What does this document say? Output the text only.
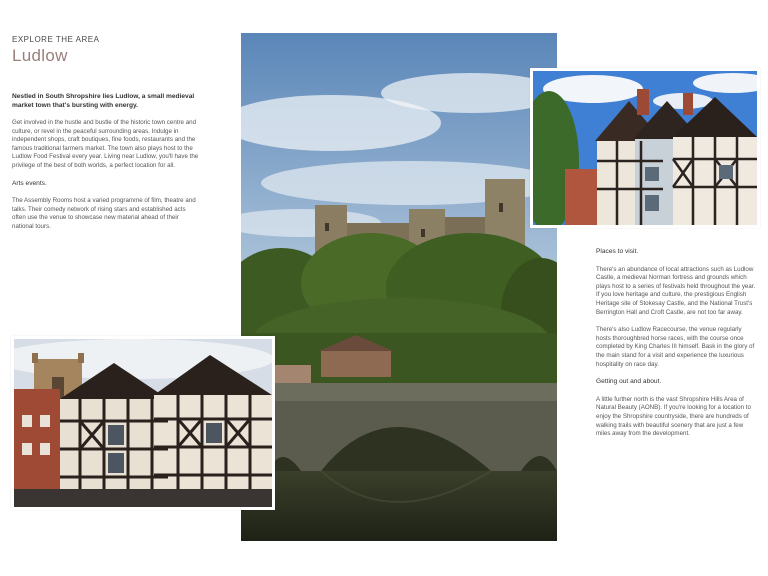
EXPLORE THE AREA
Ludlow

Nestled in South Shropshire lies Ludlow, a small medieval market town that's bursting with energy.

Get involved in the hustle and bustle of the historic town centre and culture, or revel in the peaceful surrounding areas. Indulge in independent shops, craft boutiques, fine foods, restaurants and the famous traditional farmers market. The town also plays host to the Ludlow Food Festival every year. Living near Ludlow, you'll have the privilege of the best of both worlds, a perfect location for all.

Arts events.

The Assembly Rooms host a varied programme of film, theatre and talks. Their comedy network of rising stars and established acts often use the venue to showcase new material ahead of their national tours.

Places to visit.

There's an abundance of local attractions such as Ludlow Castle, a medieval Norman fortress and grounds which plays host to a series of festivals held throughout the year. If you love heritage and culture, the prestigious English Heritage site of Stokesay Castle, and the National Trust's Berrington Hall and Croft Castle, are not too far away.

There's also Ludlow Racecourse, the venue regularly hosts thoroughbred horse races, with the course once completed by King Charles III himself. Bask in the glory of the main stand for a visit and experience the luxurious hospitality on race day.

Getting out and about.

A little further north is the vast Shropshire Hills Area of Natural Beauty (AONB). If you're looking for a location to enjoy the Shropshire countryside, there are hundreds of walking trails with beautiful scenery that are just a few miles away from the development.
